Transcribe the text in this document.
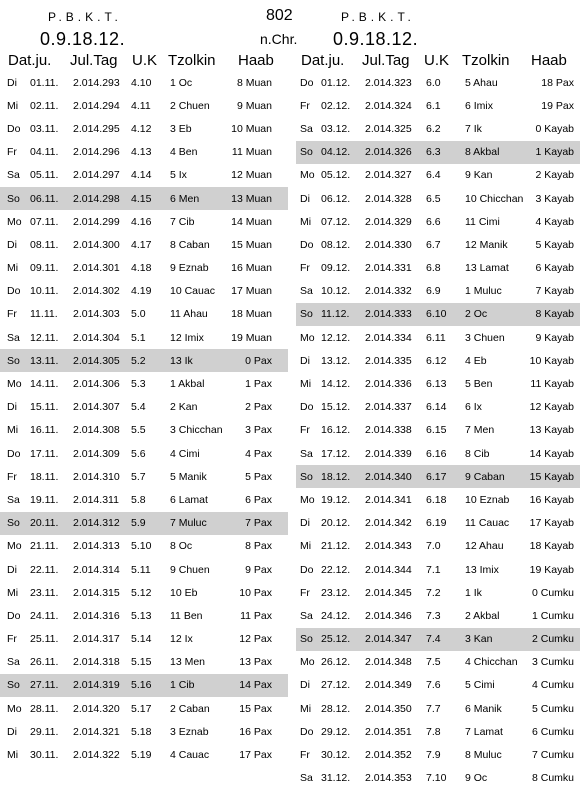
P.B.K.T.
0.9.18.12.
802
n.Chr.
P.B.K.T.
0.9.18.12.
Dat.ju. Jul.Tag U.K Tzolkin Haab Dat.ju. Jul.Tag U.K Tzolkin Haab
Di 01.11. 2.014.293 4.10 1 Oc	8 Muan
Mi 02.11. 2.014.294 4.11 2 Chuen	9 Muan
Do 03.11. 2.014.295 4.12 3 Eb	10 Muan
Fr 04.11. 2.014.296 4.13 4 Ben	11 Muan
Sa 05.11. 2.014.297 4.14 5 Ix	12 Muan
So 06.11. 2.014.298 4.15 6 Men	13 Muan
Mo 07.11. 2.014.299 4.16 7 Cib	14 Muan
Di 08.11. 2.014.300 4.17 8 Caban 15 Muan
Mi 09.11. 2.014.301 4.18 9 Eznab 16 Muan
Do 10.11. 2.014.302 4.19 10 Cauac 17 Muan
Fr 11.11. 2.014.303 5.0 11 Ahau 18 Muan
Sa 12.11. 2.014.304 5.1 12 Imix	19 Muan
So 13.11. 2.014.305 5.2 13 Ik	0 Pax
Mo 14.11. 2.014.306 5.3 1 Akbal	1 Pax
Di 15.11. 2.014.307 5.4 2 Kan	2 Pax
Mi 16.11. 2.014.308 5.5 3 Chicchan 3 Pax
Do 17.11. 2.014.309 5.6 4 Cimi	4 Pax
Fr 18.11. 2.014.310 5.7 5 Manik	5 Pax
Sa 19.11. 2.014.311 5.8 6 Lamat	6 Pax
So 20.11. 2.014.312 5.9 7 Muluc	7 Pax
Mo 21.11. 2.014.313 5.10 8 Oc	8 Pax
Di 22.11. 2.014.314 5.11 9 Chuen	9 Pax
Mi 23.11. 2.014.315 5.12 10 Eb	10 Pax
Do 24.11. 2.014.316 5.13 11 Ben	11 Pax
Fr 25.11. 2.014.317 5.14 12 Ix	12 Pax
Sa 26.11. 2.014.318 5.15 13 Men	13 Pax
So 27.11. 2.014.319 5.16 1 Cib	14 Pax
Mo 28.11. 2.014.320 5.17 2 Caban	15 Pax
Di 29.11. 2.014.321 5.18 3 Eznab	16 Pax
Mi 30.11. 2.014.322 5.19 4 Cauac	17 Pax
Do 01.12. 2.014.323 6.0 5 Ahau	18 Pax
Fr 02.12. 2.014.324 6.1 6 Imix	19 Pax
Sa 03.12. 2.014.325 6.2 7 Ik	0 Kayab
So 04.12. 2.014.326 6.3 8 Akbal	1 Kayab
Mo 05.12. 2.014.327 6.4 9 Kan	2 Kayab
Di 06.12. 2.014.328 6.5 10 Chicchan 3 Kayab
Mi 07.12. 2.014.329 6.6 11 Cimi	4 Kayab
Do 08.12. 2.014.330 6.7 12 Manik	5 Kayab
Fr 09.12. 2.014.331 6.8 13 Lamat	6 Kayab
Sa 10.12. 2.014.332 6.9 1 Muluc	7 Kayab
So 11.12. 2.014.333 6.10 2 Oc	8 Kayab
Mo 12.12. 2.014.334 6.11 3 Chuen	9 Kayab
Di 13.12. 2.014.335 6.12 4 Eb	10 Kayab
Mi 14.12. 2.014.336 6.13 5 Ben	11 Kayab
Do 15.12. 2.014.337 6.14 6 Ix	12 Kayab
Fr 16.12. 2.014.338 6.15 7 Men	13 Kayab
Sa 17.12. 2.014.339 6.16 8 Cib	14 Kayab
So 18.12. 2.014.340 6.17 9 Caban 15 Kayab
Mo 19.12. 2.014.341 6.18 10 Eznab 16 Kayab
Di 20.12. 2.014.342 6.19 11 Cauac 17 Kayab
Mi 21.12. 2.014.343 7.0 12 Ahau 18 Kayab
Do 22.12. 2.014.344 7.1 13 Imix	19 Kayab
Fr 23.12. 2.014.345 7.2 1 Ik	0 Cumku
Sa 24.12. 2.014.346 7.3 2 Akbal	1 Cumku
So 25.12. 2.014.347 7.4 3 Kan	2 Cumku
Mo 26.12. 2.014.348 7.5 4 Chicchan 3 Cumku
Di 27.12. 2.014.349 7.6 5 Cimi	4 Cumku
Mi 28.12. 2.014.350 7.7 6 Manik	5 Cumku
Do 29.12. 2.014.351 7.8 7 Lamat	6 Cumku
Fr 30.12. 2.014.352 7.9 8 Muluc	7 Cumku
Sa 31.12. 2.014.353 7.10 9 Oc	8 Cumku
